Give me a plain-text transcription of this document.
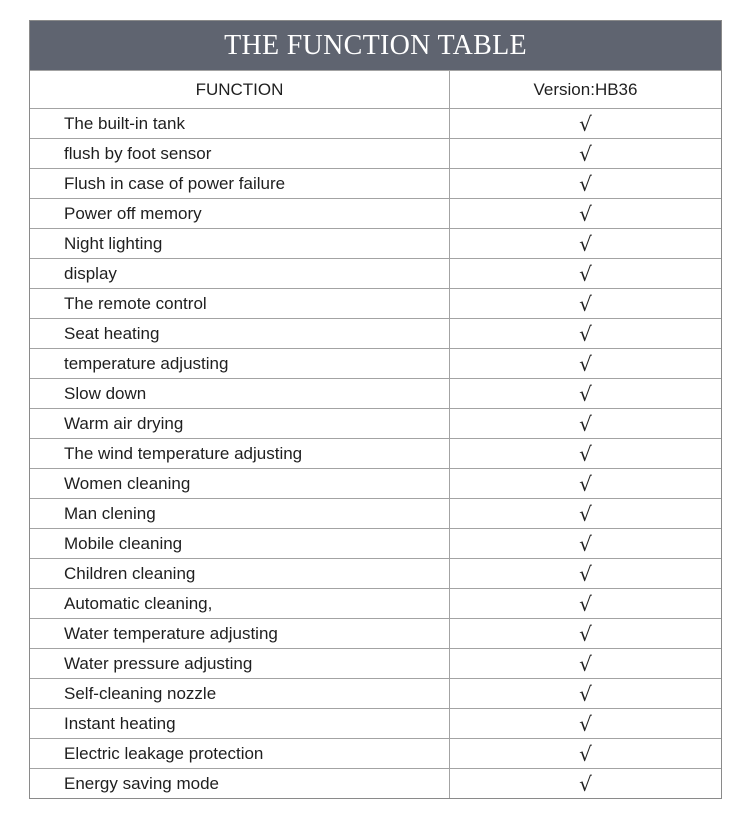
THE FUNCTION TABLE
FUNCTION	Version:HB36
The built-in tank	√
flush by foot sensor	√
Flush in case of power failure	√
Power off memory	√
Night lighting	√
display	√
The remote control	√
Seat heating	√
temperature adjusting	√
Slow down	√
Warm air drying	√
The wind temperature adjusting	√
Women cleaning	√
Man clening	√
Mobile cleaning	√
Children cleaning	√
Automatic cleaning,	√
Water temperature adjusting	√
Water pressure adjusting	√
Self-cleaning nozzle	√
Instant heating	√
Electric leakage protection	√
Energy saving mode	√
